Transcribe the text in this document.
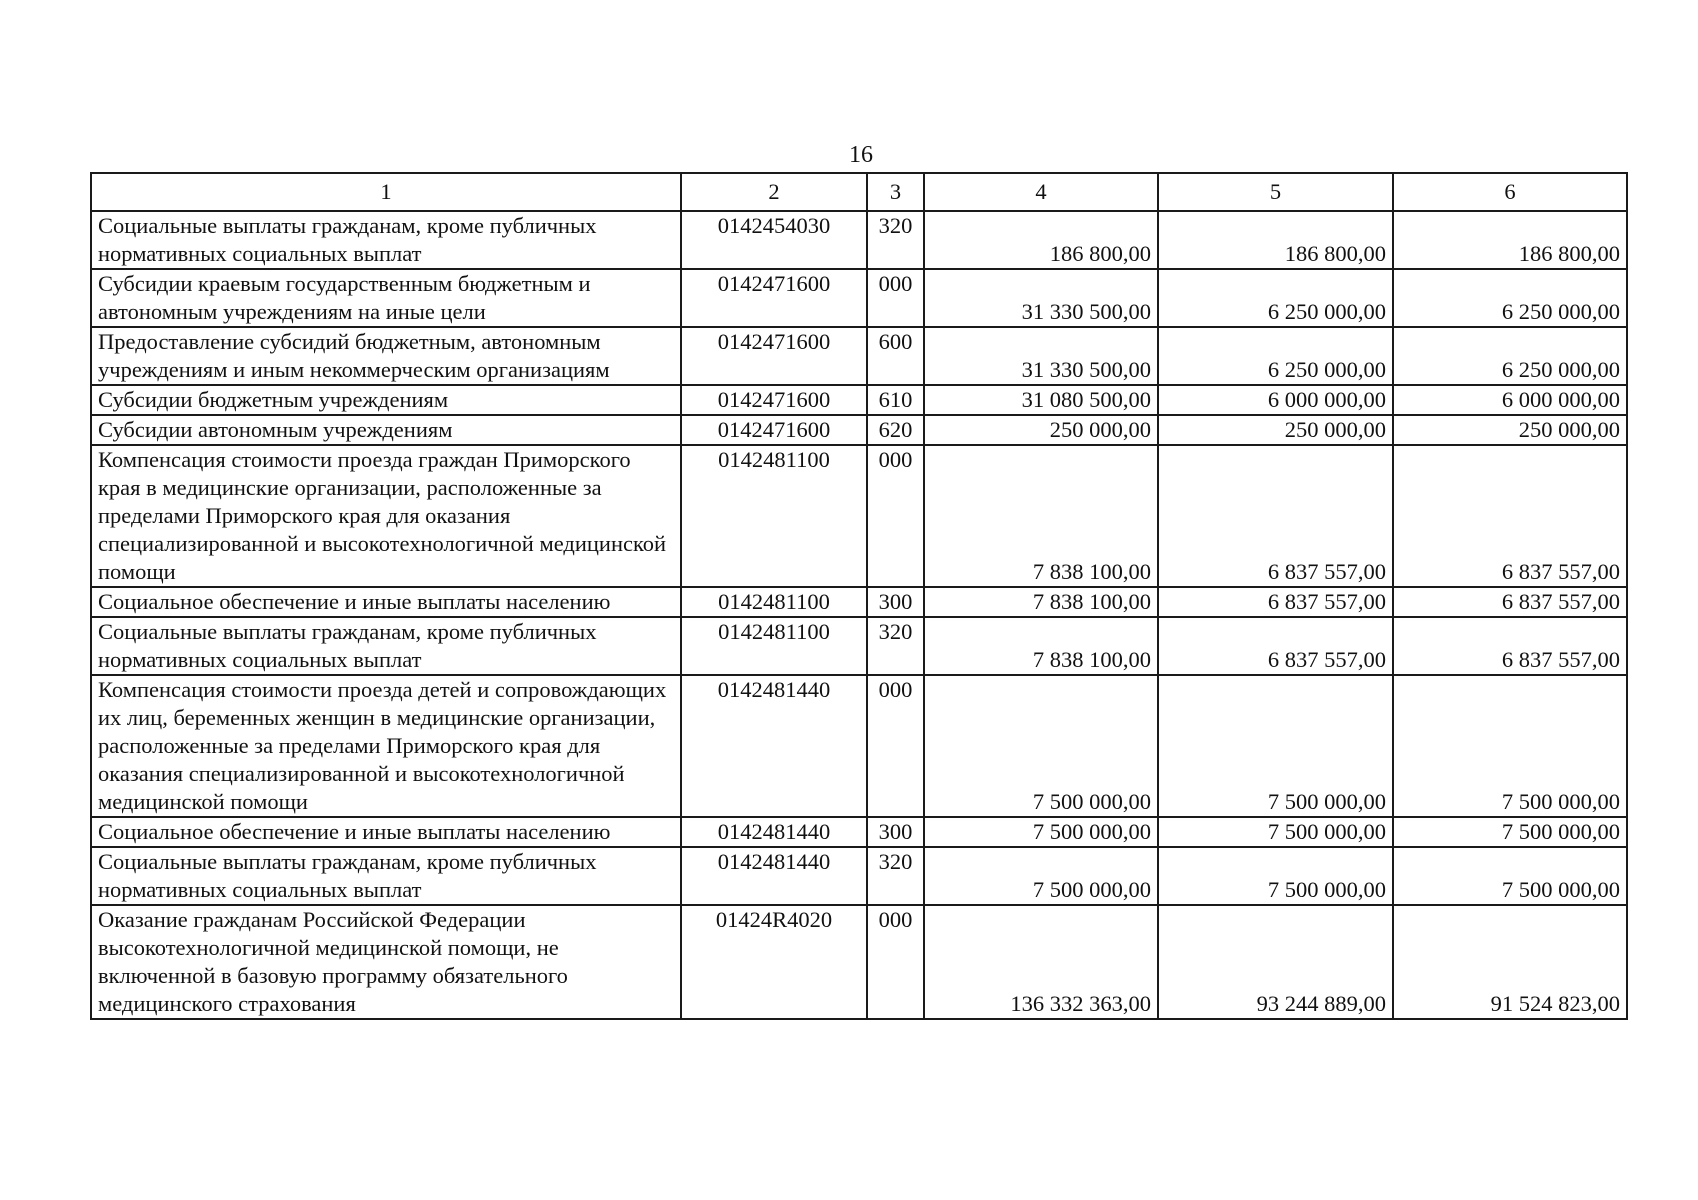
16
1	2	3	4	5	6
Социальные выплаты гражданам, кроме публичных нормативных социальных выплат	0142454030	320	186 800,00	186 800,00	186 800,00
Субсидии краевым государственным бюджетным и автономным учреждениям на иные цели	0142471600	000	31 330 500,00	6 250 000,00	6 250 000,00
Предоставление субсидий бюджетным, автономным учреждениям и иным некоммерческим организациям	0142471600	600	31 330 500,00	6 250 000,00	6 250 000,00
Субсидии бюджетным учреждениям	0142471600	610	31 080 500,00	6 000 000,00	6 000 000,00
Субсидии автономным учреждениям	0142471600	620	250 000,00	250 000,00	250 000,00
Компенсация стоимости проезда граждан Приморского края в медицинские организации, расположенные за пределами Приморского края для оказания специализированной и высокотехнологичной медицинской помощи	0142481100	000	7 838 100,00	6 837 557,00	6 837 557,00
Социальное обеспечение и иные выплаты населению	0142481100	300	7 838 100,00	6 837 557,00	6 837 557,00
Социальные выплаты гражданам, кроме публичных нормативных социальных выплат	0142481100	320	7 838 100,00	6 837 557,00	6 837 557,00
Компенсация стоимости проезда детей и сопровождающих их лиц, беременных женщин в медицинские организации, расположенные за пределами Приморского края для оказания специализированной и высокотехнологичной медицинской помощи	0142481440	000	7 500 000,00	7 500 000,00	7 500 000,00
Социальное обеспечение и иные выплаты населению	0142481440	300	7 500 000,00	7 500 000,00	7 500 000,00
Социальные выплаты гражданам, кроме публичных нормативных социальных выплат	0142481440	320	7 500 000,00	7 500 000,00	7 500 000,00
Оказание гражданам Российской Федерации высокотехнологичной медицинской помощи, не включенной в базовую программу обязательного медицинского страхования	01424R4020	000	136 332 363,00	93 244 889,00	91 524 823,00
